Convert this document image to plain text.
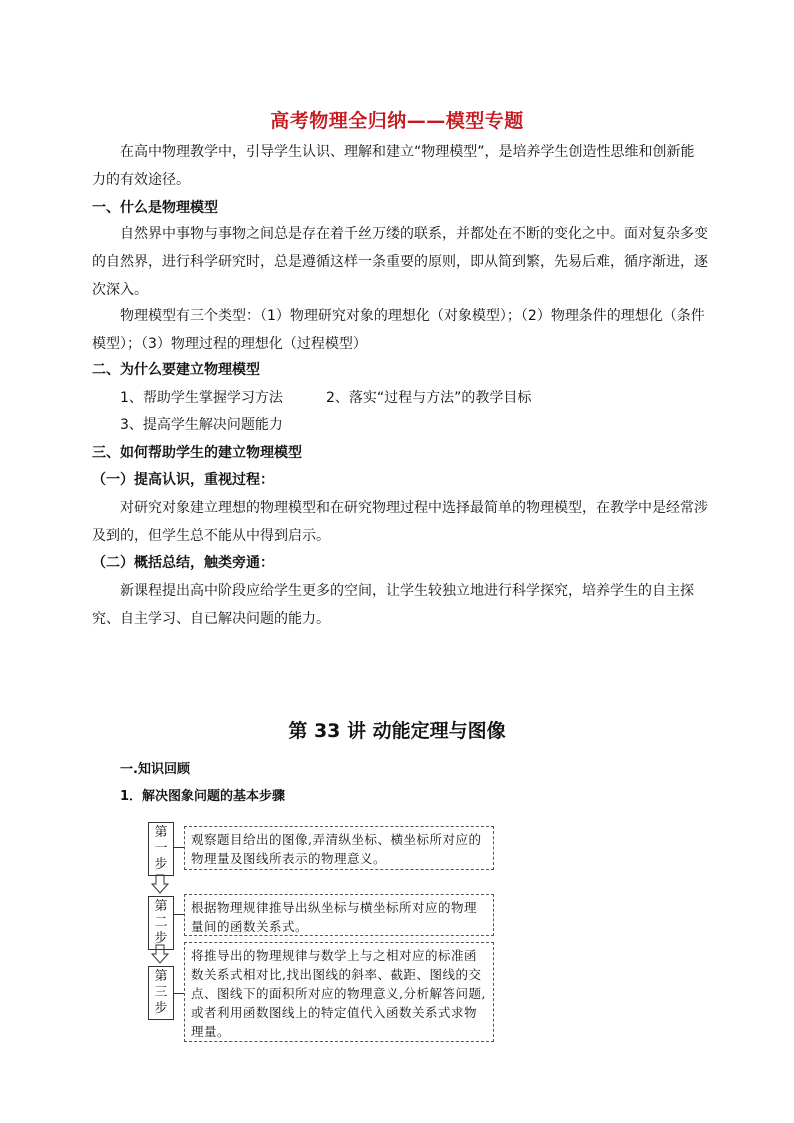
高考物理全归纳——模型专题

在高中物理教学中，引导学生认识、理解和建立“物理模型”，是培养学生创造性思维和创新能力的有效途径。

一、什么是物理模型

自然界中事物与事物之间总是存在着千丝万缕的联系，并都处在不断的变化之中。面对复杂多变的自然界，进行科学研究时，总是遵循这样一条重要的原则，即从简到繁，先易后难，循序渐进，逐次深入。

物理模型有三个类型：（1）物理研究对象的理想化（对象模型）；（2）物理条件的理想化（条件模型）；（3）物理过程的理想化（过程模型）

二、为什么要建立物理模型
1、帮助学生掌握学习方法	2、落实“过程与方法”的教学目标
3、提高学生解决问题能力
三、如何帮助学生的建立物理模型
（一）提高认识，重视过程：

对研究对象建立理想的物理模型和在研究物理过程中选择最简单的物理模型，在教学中是经常涉及到的，但学生总不能从中得到启示。

（二）概括总结，触类旁通：

新课程提出高中阶段应给学生更多的空间，让学生较独立地进行科学探究，培养学生的自主探究、自主学习、自已解决问题的能力。

第 33 讲 动能定理与图像
一.知识回顾
1．解决图象问题的基本步骤
第一步
观察题目给出的图像,弄清纵坐标、横坐标所对应的物理量及图线所表示的物理意义。
第二步
根据物理规律推导出纵坐标与横坐标所对应的物理量间的函数关系式。
第三步
将推导出的物理规律与数学上与之相对应的标准函数关系式相对比,找出图线的斜率、截距、图线的交点、图线下的面积所对应的物理意义,分析解答问题,或者利用函数图线上的特定值代入函数关系式求物理量。
